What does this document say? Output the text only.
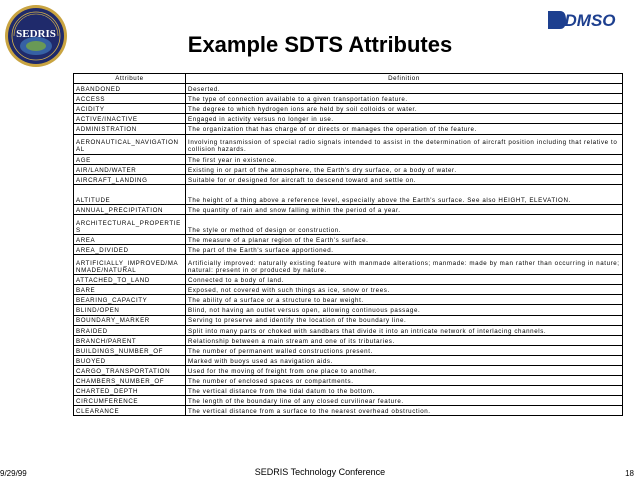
SEDRIS
DMSO
Example SDTS Attributes
Attribute	Definition
ABANDONED	Deserted.
ACCESS	The type of connection available to a given transportation feature.
ACIDITY	The degree to which hydrogen ions are held by soil colloids or water.
ACTIVE/INACTIVE	Engaged in activity versus no longer in use.
ADMINISTRATION	The organization that has charge of or directs or manages the operation of the feature.
AERONAUTICAL_NAVIGATIONAL	Involving transmission of special radio signals intended to assist in the determination of aircraft position including that relative to collision hazards.
AGE	The first year in existence.
AIR/LAND/WATER	Existing in or part of the atmosphere, the Earth's dry surface, or a body of water.
AIRCRAFT_LANDING	Suitable for or designed for aircraft to descend toward and settle on.
ALTITUDE	The height of a thing above a reference level, especially above the Earth's surface. See also HEIGHT, ELEVATION.
ANNUAL_PRECIPITATION	The quantity of rain and snow falling within the period of a year.
ARCHITECTURAL_PROPERTIES	The style or method of design or construction.
AREA	The measure of a planar region of the Earth's surface.
AREA_DIVIDED	The part of the Earth's surface apportioned.
ARTIFICIALLY_IMPROVED/MANMADE/NATURAL	Artificially improved: naturally existing feature with manmade alterations; manmade: made by man rather than occurring in nature; natural: present in or produced by nature.
ATTACHED_TO_LAND	Connected to a body of land.
BARE	Exposed, not covered with such things as ice, snow or trees.
BEARING_CAPACITY	The ability of a surface or a structure to bear weight.
BLIND/OPEN	Blind, not having an outlet versus open, allowing continuous passage.
BOUNDARY_MARKER	Serving to preserve and identify the location of the boundary line.
BRAIDED	Split into many parts or choked with sandbars that divide it into an intricate network of interlacing channels.
BRANCH/PARENT	Relationship between a main stream and one of its tributaries.
BUILDINGS_NUMBER_OF	The number of permanent walled constructions present.
BUOYED	Marked with buoys used as navigation aids.
CARGO_TRANSPORTATION	Used for the moving of freight from one place to another.
CHAMBERS_NUMBER_OF	The number of enclosed spaces or compartments.
CHARTED_DEPTH	The vertical distance from the tidal datum to the bottom.
CIRCUMFERENCE	The length of the boundary line of any closed curvilinear feature.
CLEARANCE	The vertical distance from a surface to the nearest overhead obstruction.
9/29/99	SEDRIS Technology Conference	18
